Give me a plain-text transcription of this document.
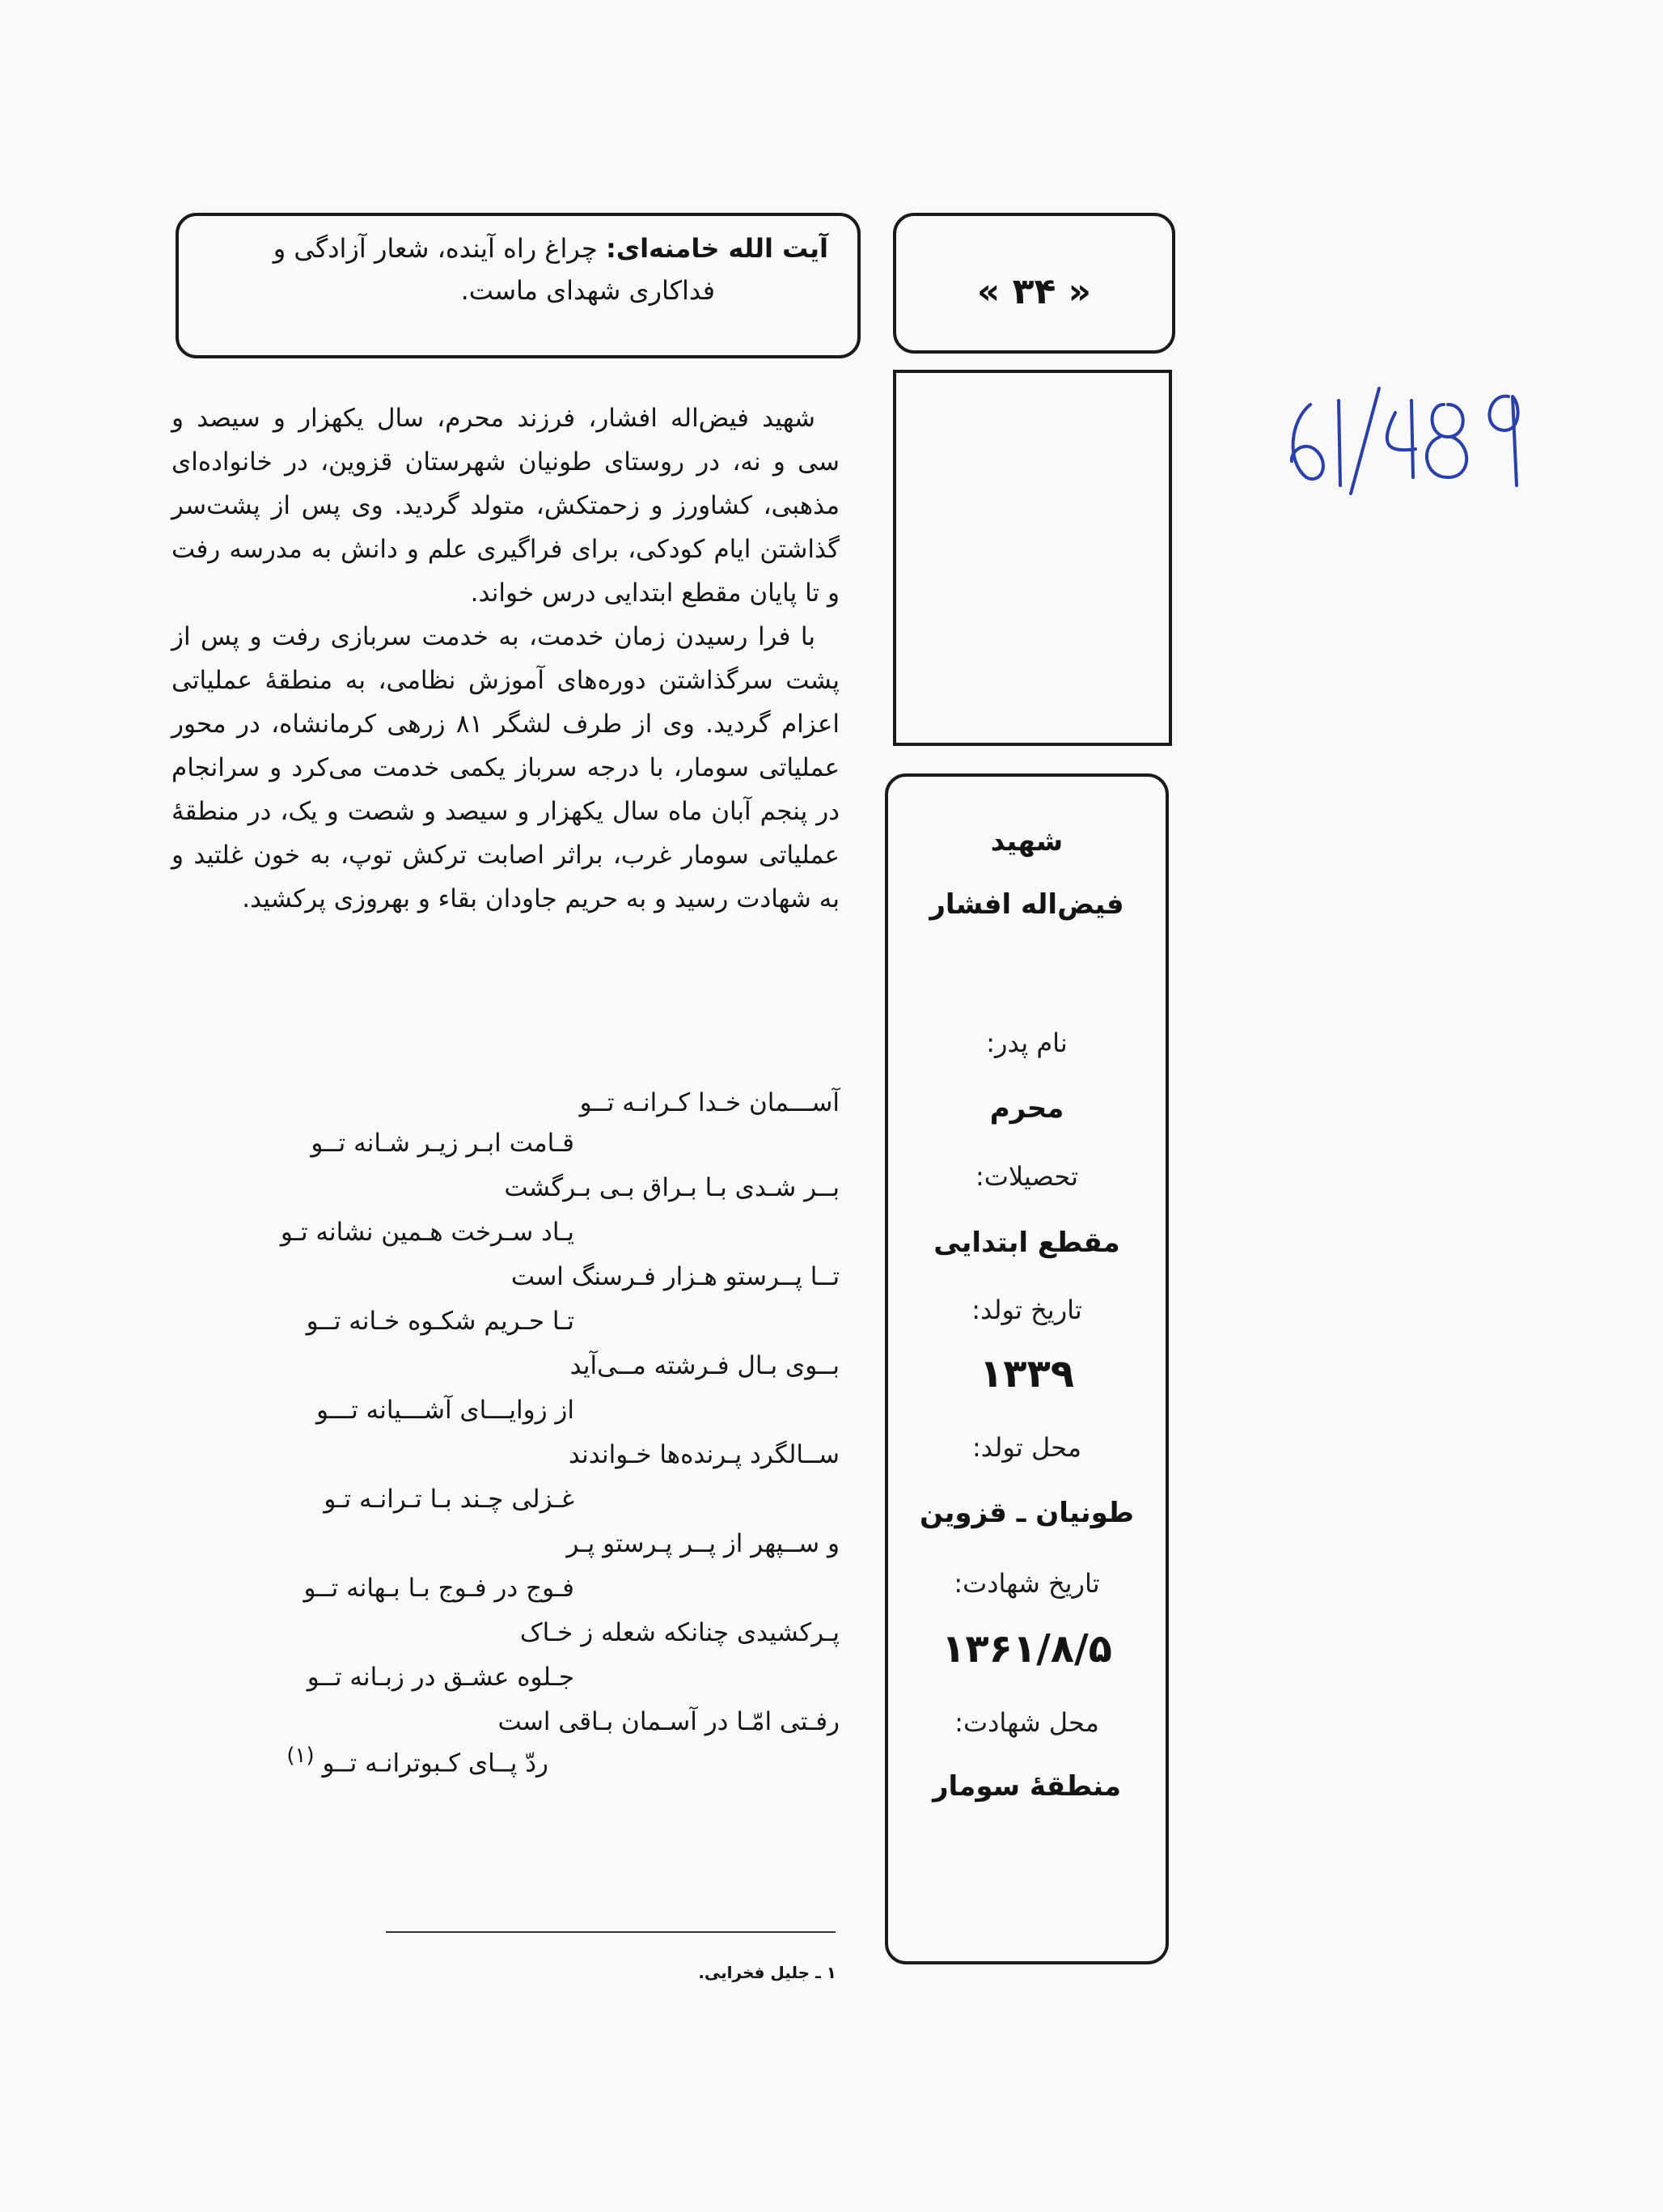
آیت الله خامنه‌ای: چراغ راه آینده، شعار آزادگی و
فداکاری شهدای ماست.	« ۳۴ »
شهید
فیض‌اله افشار
نام پدر:
محرم
تحصیلات:
مقطع ابتدایی
تاریخ تولد:
۱۳۳۹
محل تولد:
طونیان ـ قزوین
تاریخ شهادت:
۱۳۶۱/۸/۵
محل شهادت:
منطقهٔ سومار

شهید فیض‌اله افشار، فرزند محرم، سال یکهزار و سیصد و سی و نه، در روستای طونیان شهرستان قزوین، در خانواده‌ای مذهبی، کشاورز و زحمتکش، متولد گردید. وی پس از پشت‌سر گذاشتن ایام کودکی، برای فراگیری علم و دانش به مدرسه رفت و تا پایان مقطع ابتدایی درس خواند.

با فرا رسیدن زمان خدمت، به خدمت سربازی رفت و پس از پشت سرگذاشتن دوره‌های آموزش نظامی، به منطقهٔ عملیاتی اعزام گردید. وی از طرف لشگر ۸۱ زرهی کرمانشاه، در محور عملیاتی سومار، با درجه سرباز یکمی خدمت می‌کرد و سرانجام در پنجم آبان ماه سال یکهزار و سیصد و شصت و یک، در منطقهٔ عملیاتی سومار غرب، براثر اصابت ترکش توپ، به خون غلتید و به شهادت رسید و به حریم جاودان بقاء و بهروزی پرکشید.

آســـمان خـدا کـرانـه تــو
قـامت ابـر زیـر شـانه تــو
بــر شـدی بـا بـراق بـی بـرگشت
یـاد سـرخت هـمین نشانه تـو
تــا پــرستو هـزار فـرسنگ است
تـا حـریم شکـوه خـانه تــو
بــوی بـال فـرشته مــی‌آید
از زوایـــای آشـــیانه تـــو
ســالگرد پـرنده‌ها خـواندند
غـزلی چـند بـا تـرانـه تـو
و ســپهر از پــر پـرستو پـر
فـوج در فـوج بـا بـهانه تــو
پـرکشیدی چنانکه شعله ز خـاک
جـلوه عشـق در زبـانه تــو
رفـتی امّـا در آسـمان بـاقی است
ردّ پــای کـبوترانـه تــو $^{(۱)}$
۱ ـ جلیل فخرایی.
